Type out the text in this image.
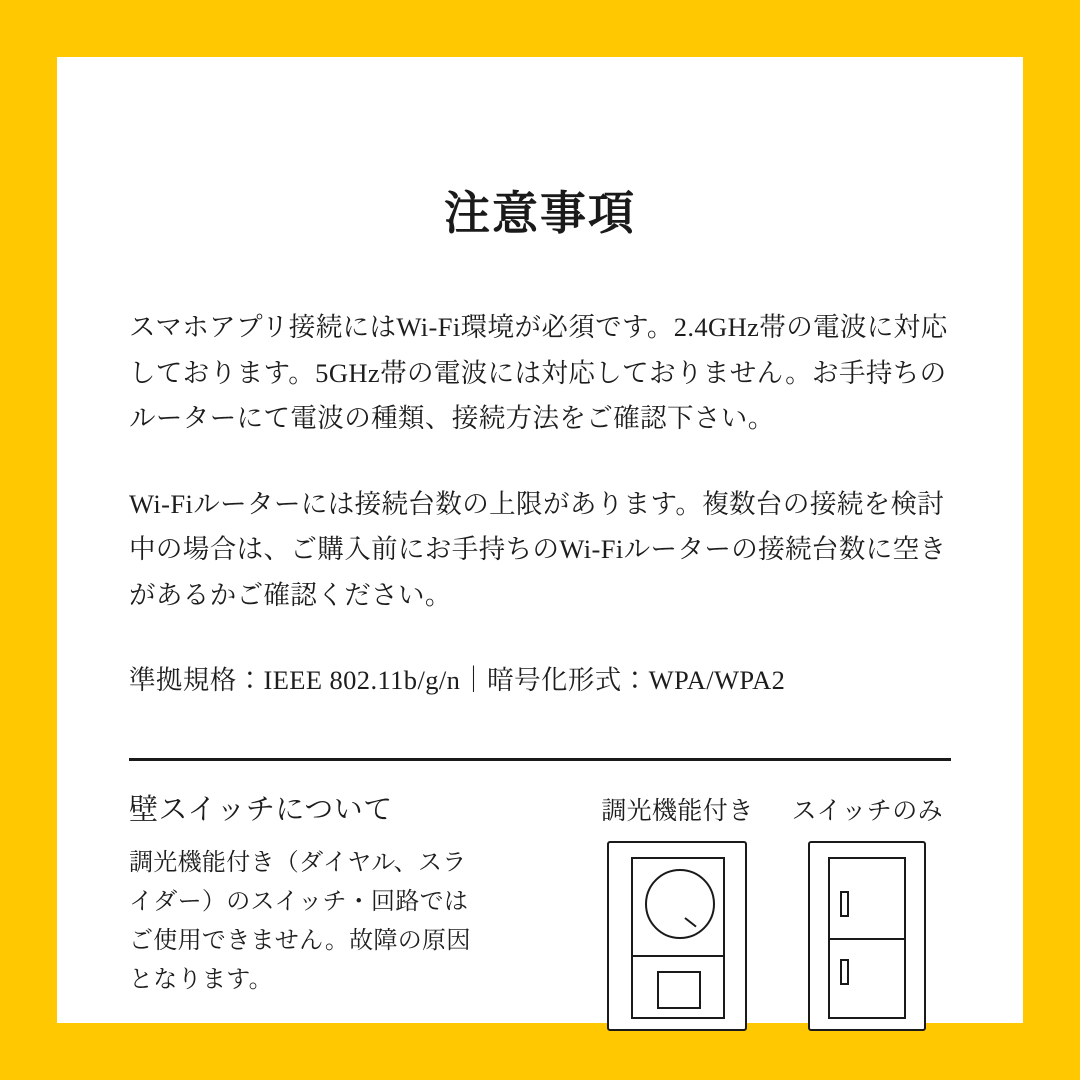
注意事項

スマホアプリ接続にはWi-Fi環境が必須です。2.4GHz帯の電波に対応しております。5GHz帯の電波には対応しておりません。お手持ちのルーターにて電波の種類、接続方法をご確認下さい。

Wi-Fiルーターには接続台数の上限があります。複数台の接続を検討中の場合は、ご購入前にお手持ちのWi-Fiルーターの接続台数に空きがあるかご確認ください。

準拠規格：IEEE 802.11b/g/n｜暗号化形式：WPA/WPA2

壁スイッチについて
調光機能付き（ダイヤル、スライダー）のスイッチ・回路ではご使用できません。故障の原因となります。
調光機能付き スイッチのみ
